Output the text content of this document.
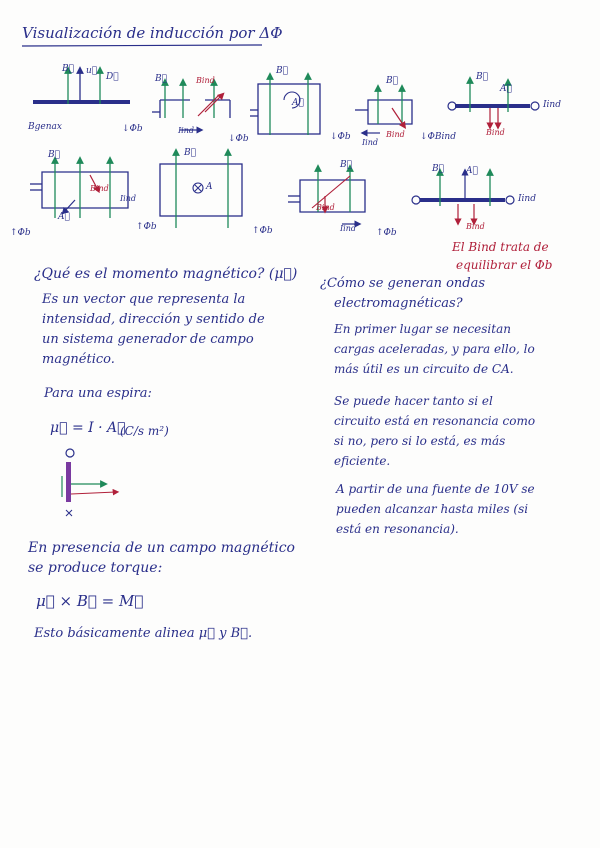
Visualización de inducción por ΔΦ
Bgenax
u⃗
D⃗
B⃗
↓Φb
B⃗	Bind
Iind
↓Φb
B⃗
A⃗
↓Φb
B⃗
Iind
Bind ↓ΦBind
B⃗
A⃗
Iind
Bind
B⃗
Bind
A⃗
Iind
↑Φb
B⃗
A
↑Φb
B⃗
Bind
Iind
↑Φb
B⃗ A⃗
Iind
Bind
↑Φb
El Bind trata de
equilibrar el Φb
¿Qué es el momento magnético? (μ⃗)
Es un vector que representa la
intensidad, dirección y sentido de
un sistema generador de campo
magnético.
Para una espira:
μ⃗ = I · A⃗
(C/s m²)
En presencia de un campo magnético
se produce torque:
μ⃗ × B⃗ = M⃗
Esto básicamente alinea μ⃗ y B⃗.
¿Cómo se generan ondas
electromagnéticas?
En primer lugar se necesitan
cargas aceleradas, y para ello, lo
más útil es un circuito de CA.
Se puede hacer tanto si el
circuito está en resonancia como
si no, pero si lo está, es más
eficiente.
A partir de una fuente de 10V se
pueden alcanzar hasta miles (si
está en resonancia).
